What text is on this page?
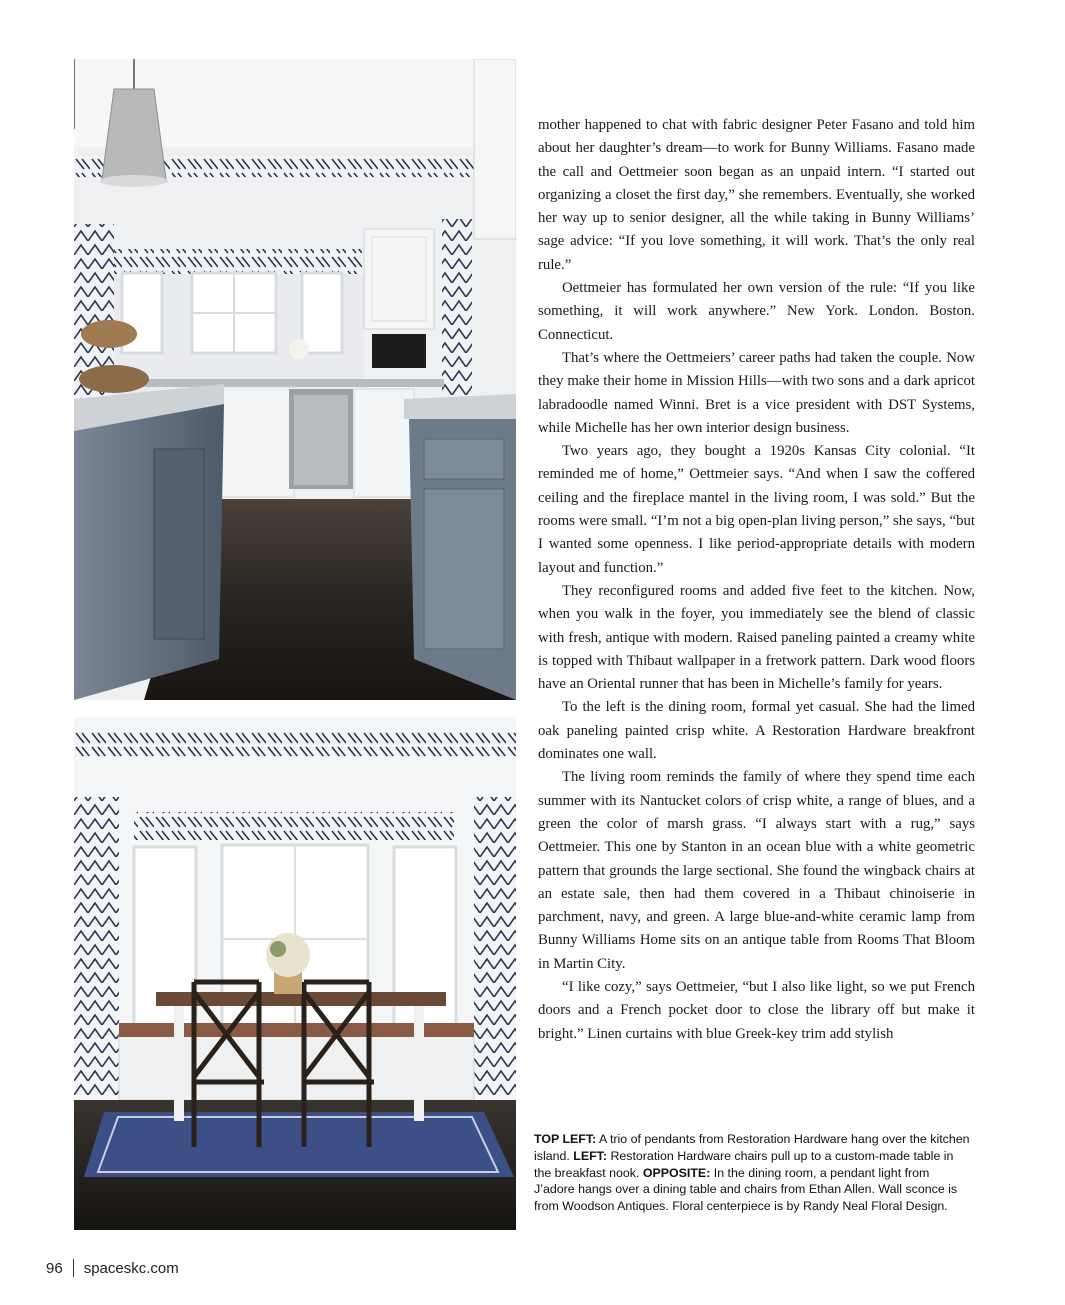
mother happened to chat with fabric designer Peter Fasano and told him about her daughter’s dream—to work for Bunny Williams. Fasano made the call and Oettmeier soon began as an unpaid intern. “I started out organizing a closet the first day,” she remembers. Eventually, she worked her way up to senior designer, all the while taking in Bunny Williams’ sage advice: “If you love something, it will work. That’s the only real rule.”

Oettmeier has formulated her own version of the rule: “If you like something, it will work anywhere.” New York. London. Boston. Connecticut.

That’s where the Oettmeiers’ career paths had taken the couple. Now they make their home in Mission Hills—with two sons and a dark apricot labradoodle named Winni. Bret is a vice president with DST Systems, while Michelle has her own interior design business.

Two years ago, they bought a 1920s Kansas City colonial. “It reminded me of home,” Oettmeier says. “And when I saw the coffered ceiling and the fireplace mantel in the living room, I was sold.” But the rooms were small. “I’m not a big open-plan living person,” she says, “but I wanted some openness. I like period-appropriate details with modern layout and function.”

They reconfigured rooms and added five feet to the kitchen. Now, when you walk in the foyer, you immediately see the blend of classic with fresh, antique with modern. Raised paneling painted a creamy white is topped with Thibaut wallpaper in a fretwork pattern. Dark wood floors have an Oriental runner that has been in Michelle’s family for years.

To the left is the dining room, formal yet casual. She had the limed oak paneling painted crisp white. A Restoration Hardware breakfront dominates one wall.

The living room reminds the family of where they spend time each summer with its Nantucket colors of crisp white, a range of blues, and a green the color of marsh grass. “I always start with a rug,” says Oettmeier. This one by Stanton in an ocean blue with a white geometric pattern that grounds the large sectional. She found the wingback chairs at an estate sale, then had them covered in a Thibaut chinoiserie in parchment, navy, and green. A large blue-and-white ceramic lamp from Bunny Williams Home sits on an antique table from Rooms That Bloom in Martin City.

“I like cozy,” says Oettmeier, “but I also like light, so we put French doors and a French pocket door to close the library off but make it bright.” Linen curtains with blue Greek-key trim add stylish

TOP LEFT: A trio of pendants from Restoration Hardware hang over the kitchen island. LEFT: Restoration Hardware chairs pull up to a custom-made table in the breakfast nook. OPPOSITE: In the dining room, a pendant light from J’adore hangs over a dining table and chairs from Ethan Allen. Wall sconce is from Woodson Antiques. Floral centerpiece is by Randy Neal Floral Design.
96 spaceskc.com
